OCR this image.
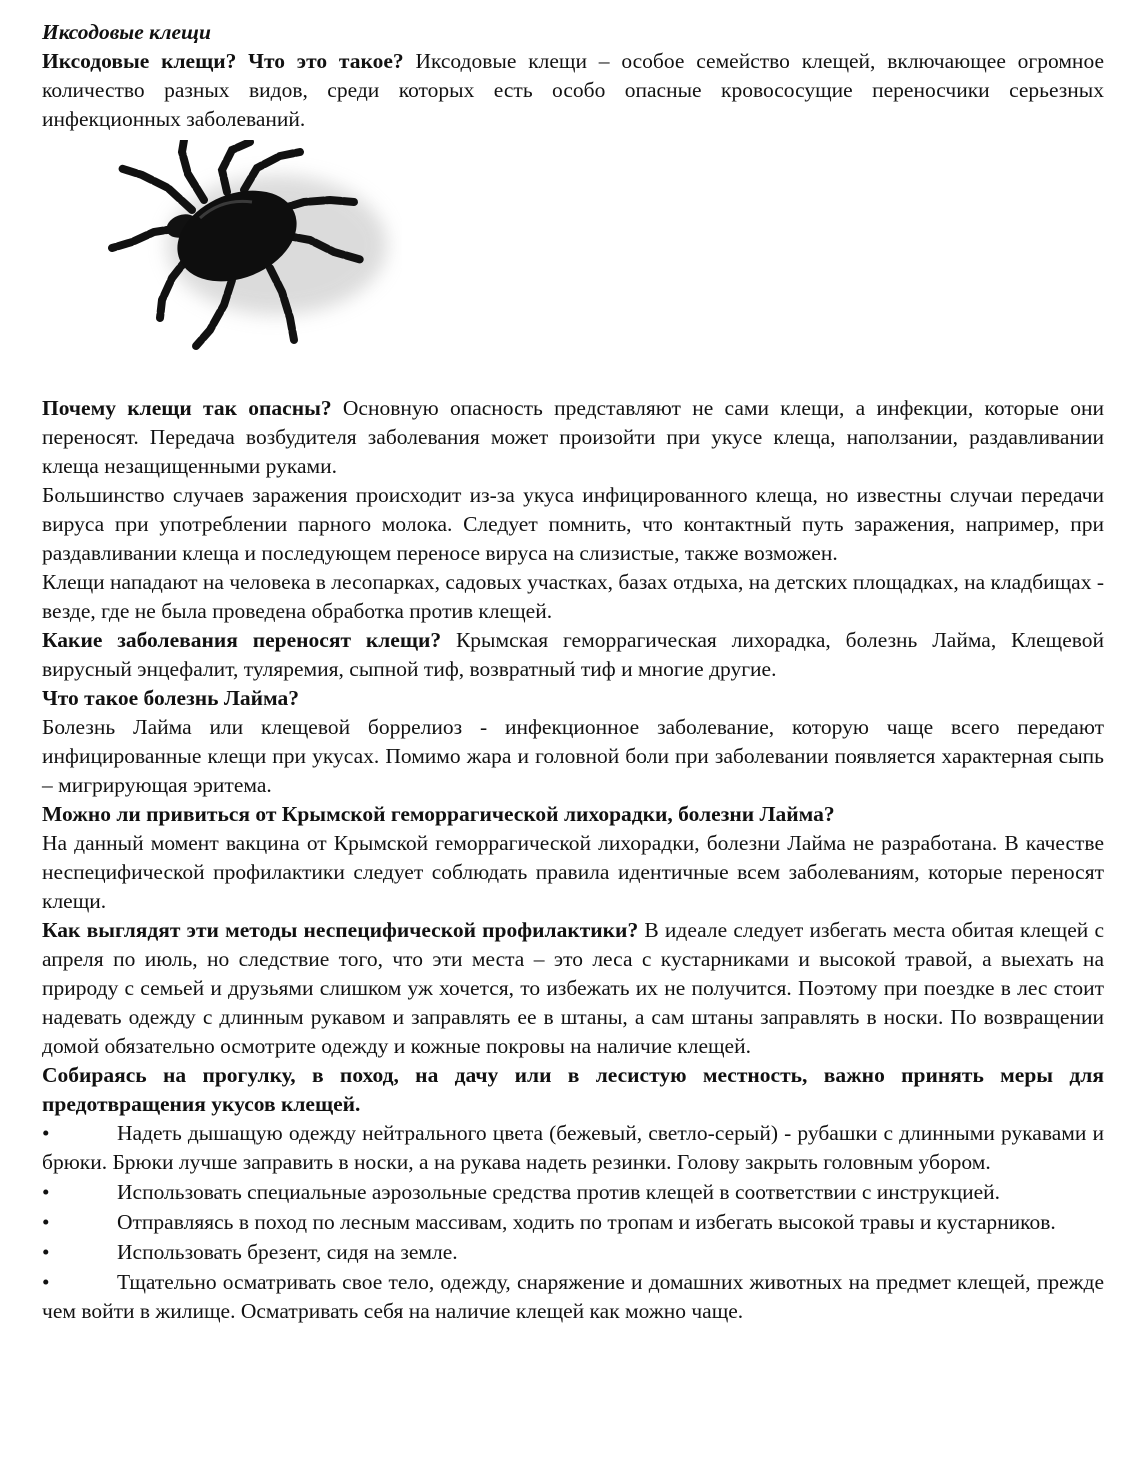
Иксодовые клещи

Иксодовые клещи? Что это такое? Иксодовые клещи – особое семейство клещей, включающее огромное количество разных видов, среди которых есть особо опасные кровососущие переносчики серьезных инфекционных заболеваний.

Почему клещи так опасны? Основную опасность представляют не сами клещи, а инфекции, которые они переносят. Передача возбудителя заболевания может произойти при укусе клеща, наползании, раздавливании клеща незащищенными руками.

Большинство случаев заражения происходит из-за укуса инфицированного клеща, но известны случаи передачи вируса при употреблении парного молока. Следует помнить, что контактный путь заражения, например, при раздавливании клеща и последующем переносе вируса на слизистые, также возможен.

Клещи нападают на человека в лесопарках, садовых участках, базах отдыха, на детских площадках, на кладбищах - везде, где не была проведена обработка против клещей.

Какие заболевания переносят клещи? Крымская геморрагическая лихорадка, болезнь Лайма, Клещевой вирусный энцефалит, туляремия, сыпной тиф, возвратный тиф и многие другие.

Что такое болезнь Лайма?

Болезнь Лайма или клещевой боррелиоз - инфекционное заболевание, которую чаще всего передают инфицированные клещи при укусах. Помимо жара и головной боли при заболевании появляется характерная сыпь – мигрирующая эритема.

Можно ли привиться от Крымской геморрагической лихорадки, болезни Лайма?

На данный момент вакцина от Крымской геморрагической лихорадки, болезни Лайма не разработана. В качестве неспецифической профилактики следует соблюдать правила идентичные всем заболеваниям, которые переносят клещи.

Как выглядят эти методы неспецифической профилактики? В идеале следует избегать места обитая клещей с апреля по июль, но следствие того, что эти места – это леса с кустарниками и высокой травой, а выехать на природу с семьей и друзьями слишком уж хочется, то избежать их не получится. Поэтому при поездке в лес стоит надевать одежду с длинным рукавом и заправлять ее в штаны, а сам штаны заправлять в носки. По возвращении домой обязательно осмотрите одежду и кожные покровы на наличие клещей.

Собираясь на прогулку, в поход, на дачу или в лесистую местность, важно принять меры для предотвращения укусов клещей.

•	Надеть дышащую одежду нейтрального цвета (бежевый, светло-серый) - рубашки с длинными рукавами и брюки. Брюки лучше заправить в носки, а на рукава надеть резинки. Голову закрыть головным убором.

•	Использовать специальные аэрозольные средства против клещей в соответствии с инструкцией.

•	Отправляясь в поход по лесным массивам, ходить по тропам и избегать высокой травы и кустарников.

•	Использовать брезент, сидя на земле.

•	Тщательно осматривать свое тело, одежду, снаряжение и домашних животных на предмет клещей, прежде чем войти в жилище. Осматривать себя на наличие клещей как можно чаще.
